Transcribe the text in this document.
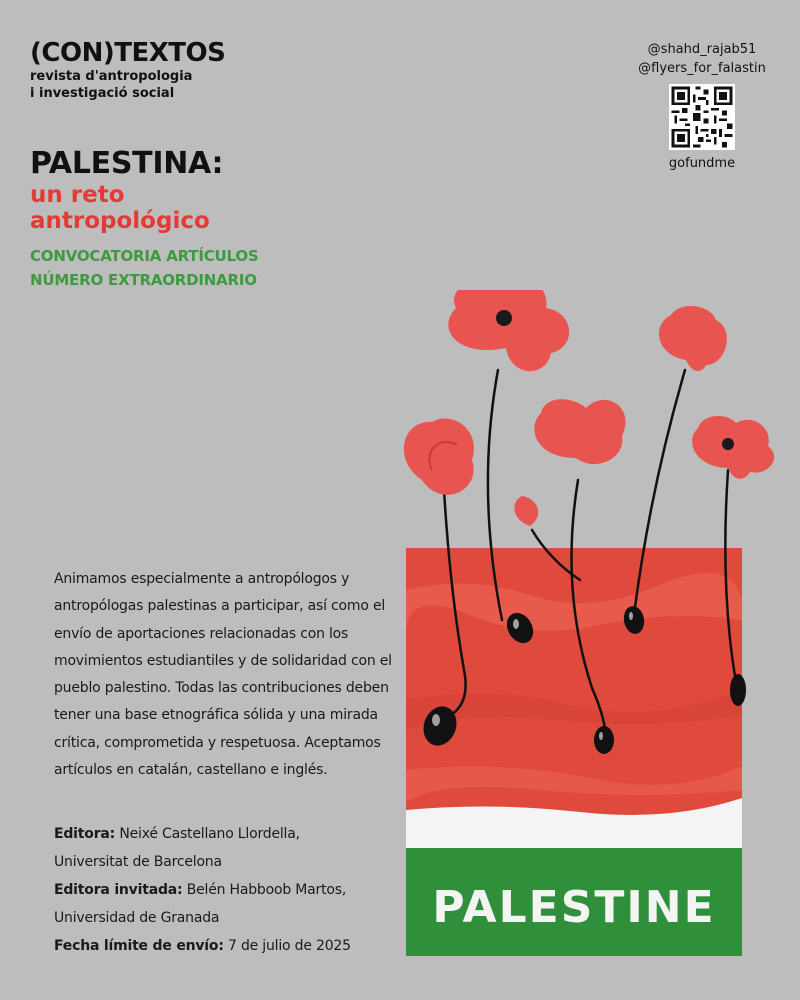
(CON)TEXTOS
revista d'antropologia
i investigació social
PALESTINA:
un reto
antropológico
CONVOCATORIA ARTÍCULOS
NÚMERO EXTRAORDINARIO
@shahd_rajab51
@flyers_for_falastin
gofundme
Animamos especialmente a antropólogos y antropólogas palestinas a participar, así como el envío de aportaciones relacionadas con los movimientos estudiantiles y de solidaridad con el pueblo palestino. Todas las contribuciones deben tener una base etnográfica sólida y una mirada crítica, comprometida y respetuosa. Aceptamos artículos en catalán, castellano e inglés.
Editora: Neixé Castellano Llordella,
Universitat de Barcelona
Editora invitada: Belén Habboob Martos,
Universidad de Granada
Fecha límite de envío: 7 de julio de 2025
PALESTINE
